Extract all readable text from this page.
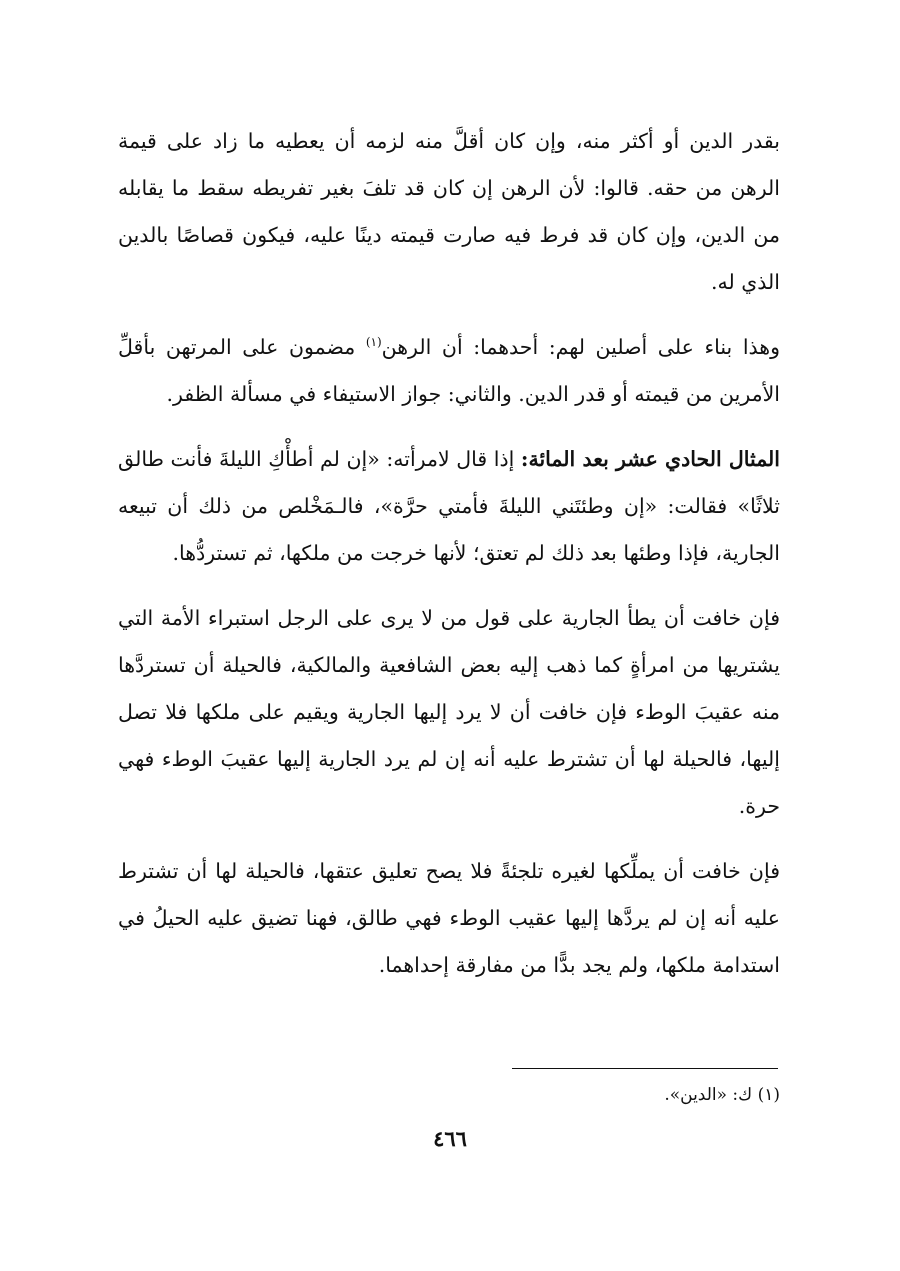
بقدر الدين أو أكثر منه، وإن كان أقلَّ منه لزمه أن يعطيه ما زاد على قيمة الرهن من حقه. قالوا: لأن الرهن إن كان قد تلفَ بغير تفريطه سقط ما يقابله من الدين، وإن كان قد فرط فيه صارت قيمته دينًا عليه، فيكون قصاصًا بالدين الذي له.

وهذا بناء على أصلين لهم: أحدهما: أن الرهن$^{(١)}$ مضمون على المرتهن بأقلِّ الأمرين من قيمته أو قدر الدين. والثاني: جواز الاستيفاء في مسألة الظفر.

المثال الحادي عشر بعد المائة: إذا قال لامرأته: «إن لم أطأْكِ الليلةَ فأنت طالق ثلاثًا» فقالت: «إن وطئتَني الليلةَ فأمتي حرَّة»، فالـمَخْلص من ذلك أن تبيعه الجارية، فإذا وطئها بعد ذلك لم تعتق؛ لأنها خرجت من ملكها، ثم تستردُّها.

فإن خافت أن يطأ الجارية على قول من لا يرى على الرجل استبراء الأمة التي يشتريها من امرأةٍ كما ذهب إليه بعض الشافعية والمالكية، فالحيلة أن تستردَّها منه عقيبَ الوطء فإن خافت أن لا يرد إليها الجارية ويقيم على ملكها فلا تصل إليها، فالحيلة لها أن تشترط عليه أنه إن لم يرد الجارية إليها عقيبَ الوطء فهي حرة.

فإن خافت أن يملِّكها لغيره تلجئةً فلا يصح تعليق عتقها، فالحيلة لها أن تشترط عليه أنه إن لم يردَّها إليها عقيب الوطء فهي طالق، فهنا تضيق عليه الحيلُ في استدامة ملكها، ولم يجد بدًّا من مفارقة إحداهما.

(١) ك: «الدين».
٤٦٦
